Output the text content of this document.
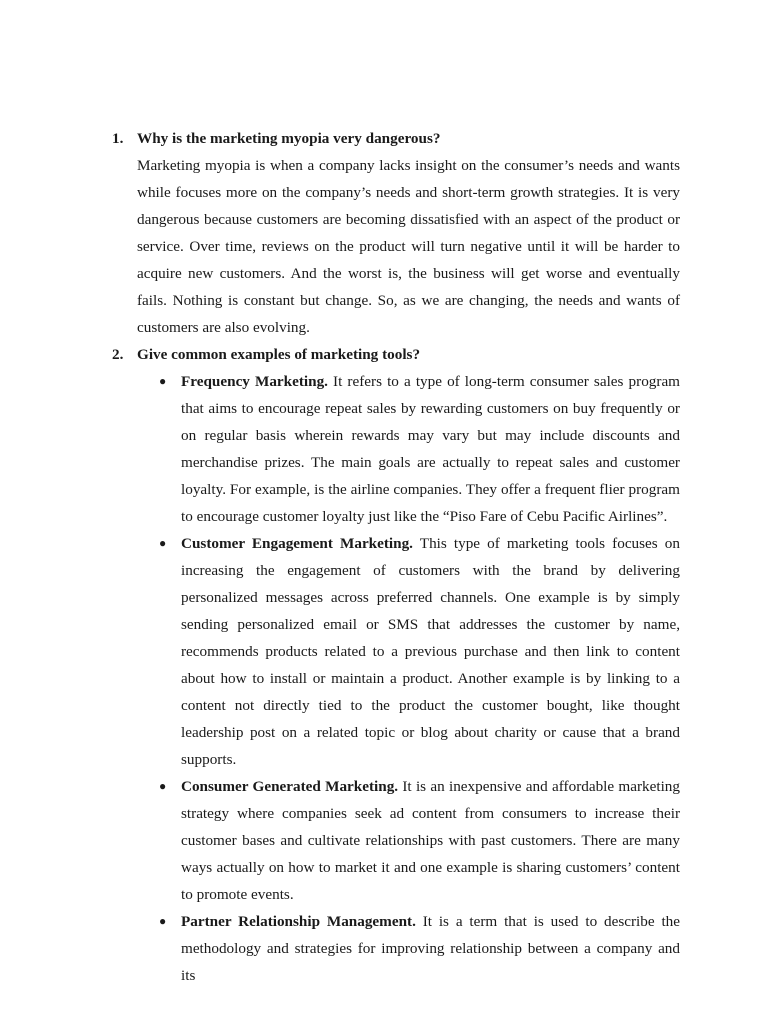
1. Why is the marketing myopia very dangerous?

Marketing myopia is when a company lacks insight on the consumer’s needs and wants while focuses more on the company’s needs and short-term growth strategies. It is very dangerous because customers are becoming dissatisfied with an aspect of the product or service. Over time, reviews on the product will turn negative until it will be harder to acquire new customers. And the worst is, the business will get worse and eventually fails. Nothing is constant but change. So, as we are changing, the needs and wants of customers are also evolving.

2. Give common examples of marketing tools?
● Frequency Marketing. It refers to a type of long-term consumer sales program that aims to encourage repeat sales by rewarding customers on buy frequently or on regular basis wherein rewards may vary but may include discounts and merchandise prizes. The main goals are actually to repeat sales and customer loyalty. For example, is the airline companies. They offer a frequent flier program to encourage customer loyalty just like the “Piso Fare of Cebu Pacific Airlines”.
● Customer Engagement Marketing. This type of marketing tools focuses on increasing the engagement of customers with the brand by delivering personalized messages across preferred channels. One example is by simply sending personalized email or SMS that addresses the customer by name, recommends products related to a previous purchase and then link to content about how to install or maintain a product. Another example is by linking to a content not directly tied to the product the customer bought, like thought leadership post on a related topic or blog about charity or cause that a brand supports.
● Consumer Generated Marketing. It is an inexpensive and affordable marketing strategy where companies seek ad content from consumers to increase their customer bases and cultivate relationships with past customers. There are many ways actually on how to market it and one example is sharing customers’ content to promote events.
● Partner Relationship Management. It is a term that is used to describe the methodology and strategies for improving relationship between a company and its
